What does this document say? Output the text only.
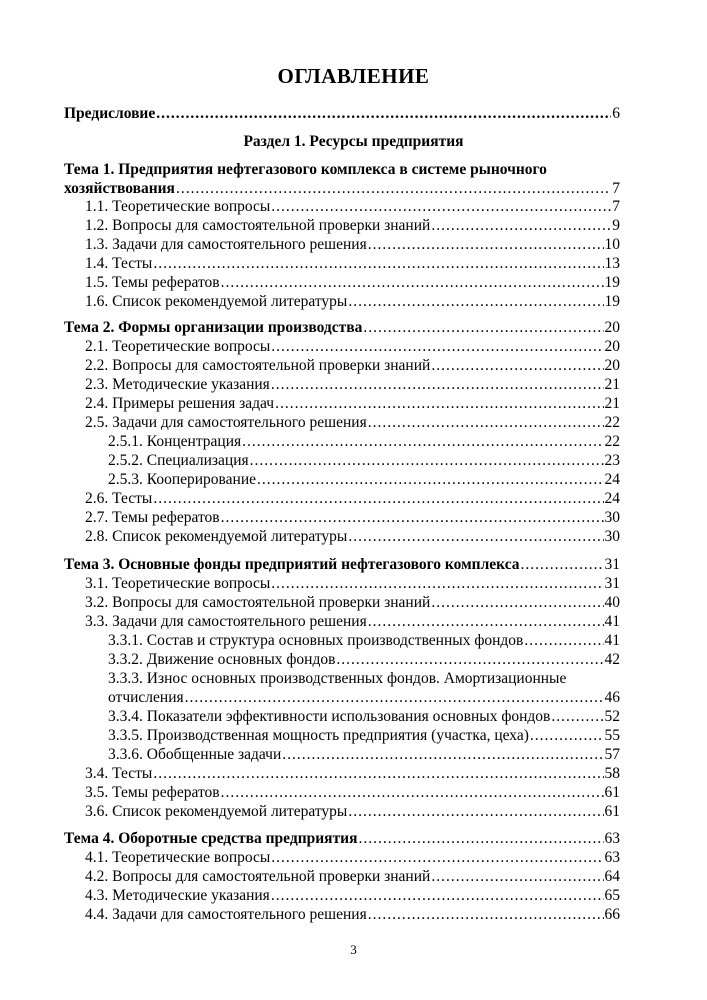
ОГЛАВЛЕНИЕ
Предисловие .....	6
Раздел 1. Ресурсы предприятия
Тема 1. Предприятия нефтегазового комплекса в системе рыночного
хозяйствования .....	7
1.1. Теоретические вопросы .....	7
1.2. Вопросы для самостоятельной проверки знаний .....	9
1.3. Задачи для самостоятельного решения .....	10
1.4. Тесты .....	13
1.5. Темы рефератов .....	19
1.6. Список рекомендуемой литературы .....	19
Тема 2. Формы организации производства .....	20
2.1. Теоретические вопросы .....	20
2.2. Вопросы для самостоятельной проверки знаний .....	20
2.3. Методические указания .....	21
2.4. Примеры решения задач .....	21
2.5. Задачи для самостоятельного решения .....	22
2.5.1. Концентрация .....	22
2.5.2. Специализация .....	23
2.5.3. Кооперирование .....	24
2.6. Тесты .....	24
2.7. Темы рефератов .....	30
2.8. Список рекомендуемой литературы .....	30
Тема 3. Основные фонды предприятий нефтегазового комплекса .....	31
3.1. Теоретические вопросы .....	31
3.2. Вопросы для самостоятельной проверки знаний .....	40
3.3. Задачи для самостоятельного решения .....	41
3.3.1. Состав и структура основных производственных фондов .....	41
3.3.2. Движение основных фондов .....	42
3.3.3. Износ основных производственных фондов. Амортизационные
отчисления .....	46
3.3.4. Показатели эффективности использования основных фондов .....	52
3.3.5. Производственная мощность предприятия (участка, цеха) .....	55
3.3.6. Обобщенные задачи .....	57
3.4. Тесты .....	58
3.5. Темы рефератов .....	61
3.6. Список рекомендуемой литературы .....	61
Тема 4. Оборотные средства предприятия .....	63
4.1. Теоретические вопросы .....	63
4.2. Вопросы для самостоятельной проверки знаний .....	64
4.3. Методические указания .....	65
4.4. Задачи для самостоятельного решения .....	66
3
